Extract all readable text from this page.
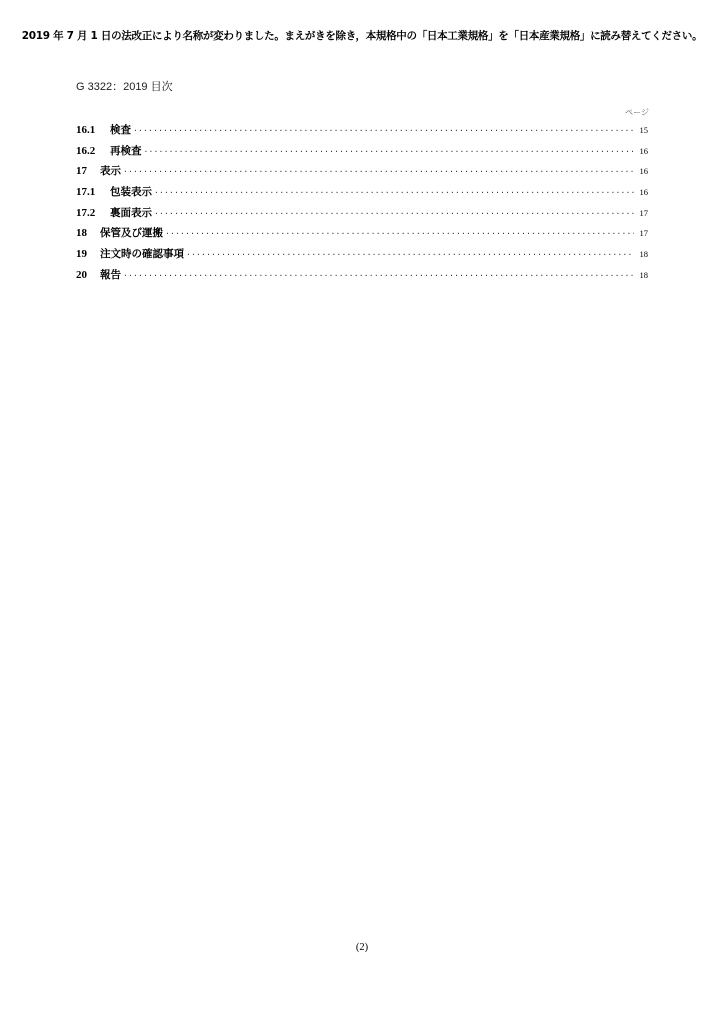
2019 年 7 月 1 日の法改正により名称が変わりました。まえがきを除き，本規格中の「日本工業規格」を「日本産業規格」に読み替えてください。
G 3322：2019 目次
ページ
16.1	検査 ·····	15
16.2	再検査 ·····	16
17	表示 ·····	16
17.1	包装表示 ·····	16
17.2	裏面表示 ·····	17
18	保管及び運搬 ·····	17
19	注文時の確認事項 ·····	18
20	報告 ·····	18
(2)
